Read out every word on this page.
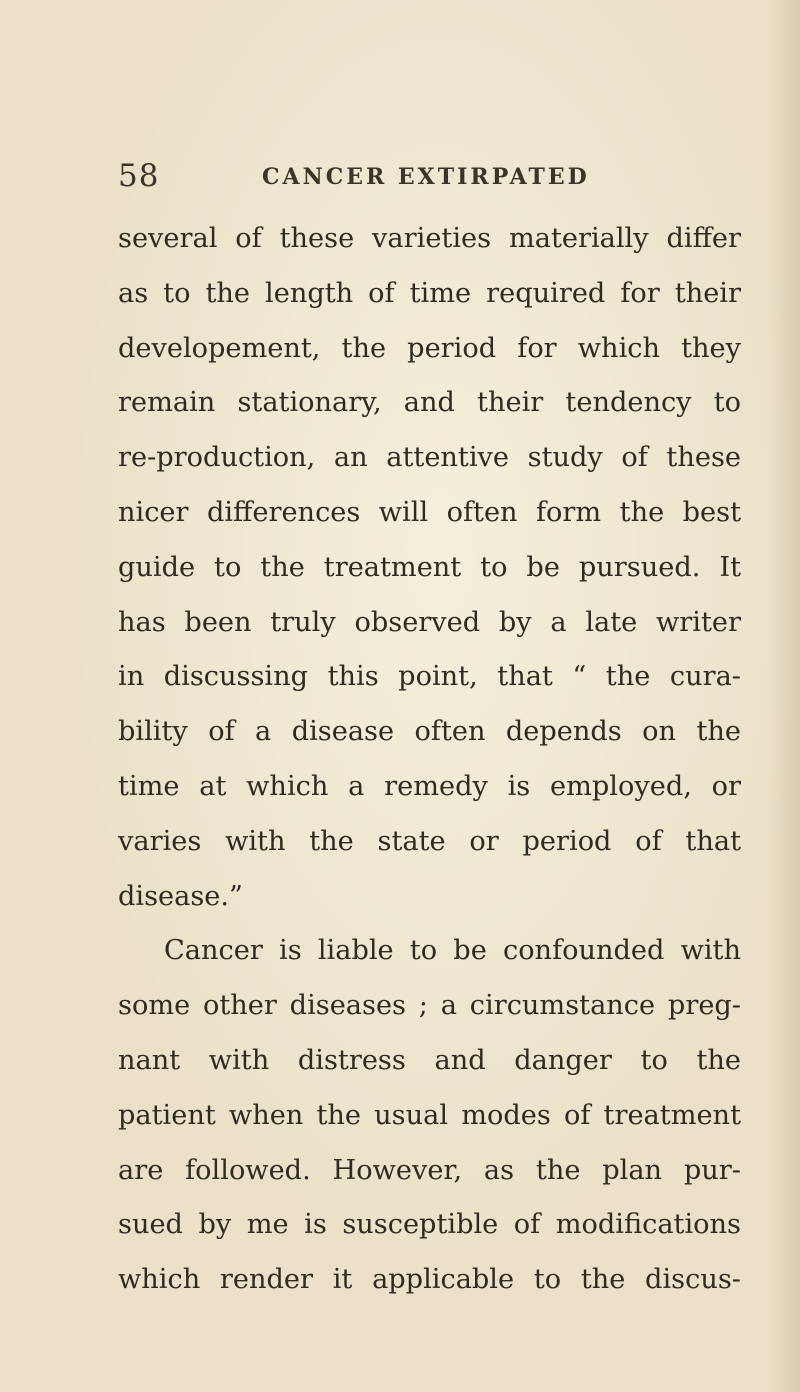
58	CANCER EXTIRPATED
several of these varieties materially differ
as to the length of time required for their
developement, the period for which they
remain stationary, and their tendency to
re-production, an attentive study of these
nicer differences will often form the best
guide to the treatment to be pursued. It
has been truly observed by a late writer
in discussing this point, that “ the cura-
bility of a disease often depends on the
time at which a remedy is employed, or
varies with the state or period of that
disease.”
Cancer is liable to be confounded with
some other diseases ; a circumstance preg-
nant with distress and danger to the
patient when the usual modes of treatment
are followed. However, as the plan pur-
sued by me is susceptible of modifications
which render it applicable to the discus-
